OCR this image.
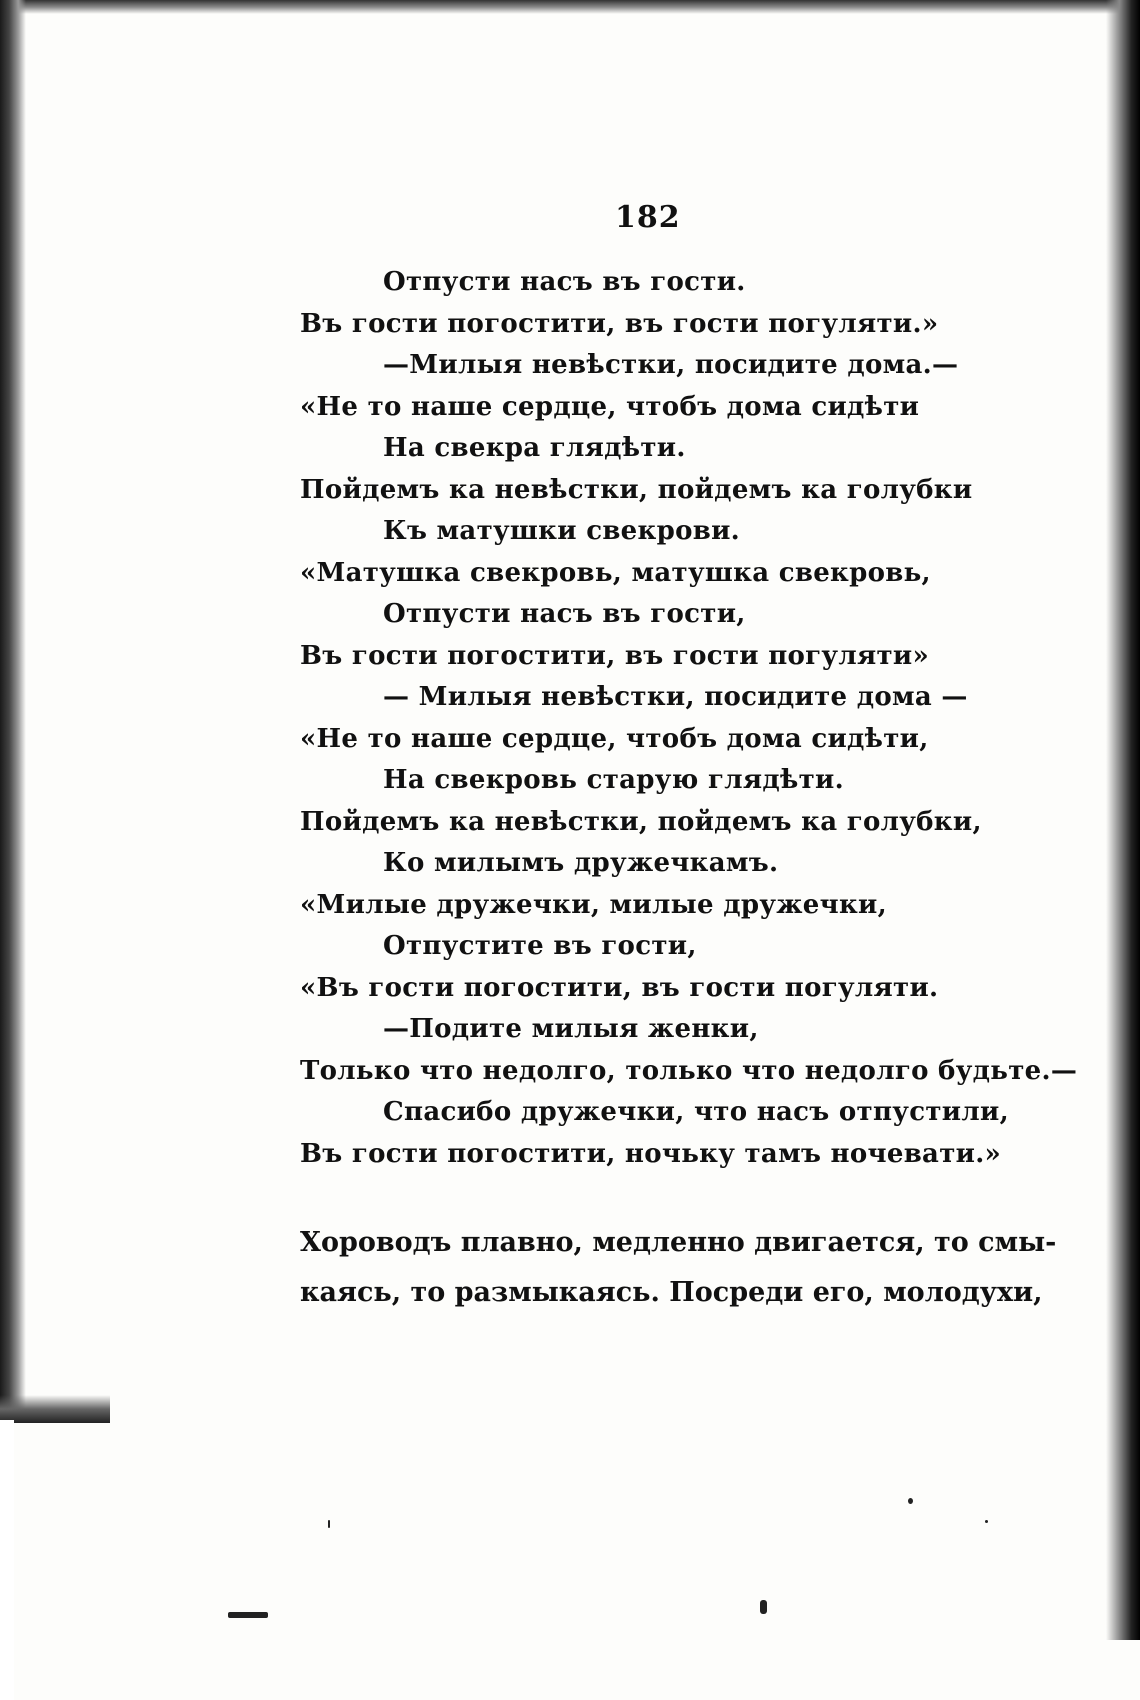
182
Отпусти насъ въ гости.
Въ гости погостити, въ гости погуляти.»
—Милыя невѣстки, посидите дома.—
«Не то наше сердце, чтобъ дома сидѣти
На свекра глядѣти.
Пойдемъ ка невѣстки, пойдемъ ка голубки
Къ матушки свекрови.
«Матушка свекровь, матушка свекровь,
Отпусти насъ въ гости,
Въ гости погостити, въ гости погуляти»
— Милыя невѣстки, посидите дома —
«Не то наше сердце, чтобъ дома сидѣти,
На свекровь старую глядѣти.
Пойдемъ ка невѣстки, пойдемъ ка голубки,
Ко милымъ дружечкамъ.
«Милые дружечки, милые дружечки,
Отпустите въ гости,
«Въ гости погостити, въ гости погуляти.
—Подите милыя женки,
Только что недолго, только что недолго будьте.—
Спасибо дружечки, что насъ отпустили,
Въ гости погостити, ночьку тамъ ночевати.»
Хороводъ плавно, медленно двигается, то смы-
каясь, то размыкаясь. Посреди его, молодухи,
